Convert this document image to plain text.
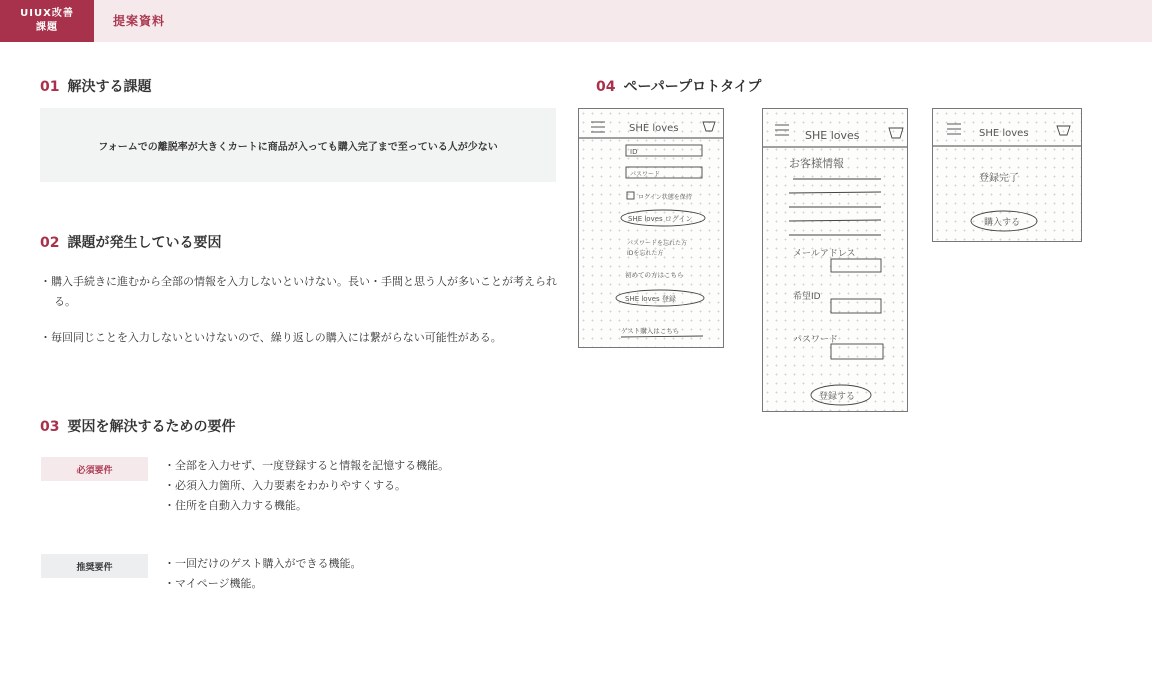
UIUX改善
課題	提案資料
01 解決する課題
フォームでの離脱率が大きくカートに商品が入っても購入完了まで至っている人が少ない
02 課題が発生している要因
・購入手続きに進むから全部の情報を入力しないといけない。長い・手間と思う人が多いことが考えられる。
・毎回同じことを入力しないといけないので、繰り返しの購入には繋がらない可能性がある。
03 要因を解決するための要件
必須要件	・全部を入力せず、一度登録すると情報を記憶する機能。
・必須入力箇所、入力要素をわかりやすくする。
・住所を自動入力する機能。
推奨要件	・一回だけのゲスト購入ができる機能。
・マイページ機能。
04 ペーパープロトタイプ
SHE loves
ID
パスワード
ログイン状態を保持
SHE loves ログイン
パスワードを忘れた方
IDを忘れた方
初めての方はこちら
SHE loves 登録
ゲスト購入はこちら
SHE loves
お客様情報
メールアドレス
希望ID
パスワード
登録する
SHE loves
登録完了
購入する
